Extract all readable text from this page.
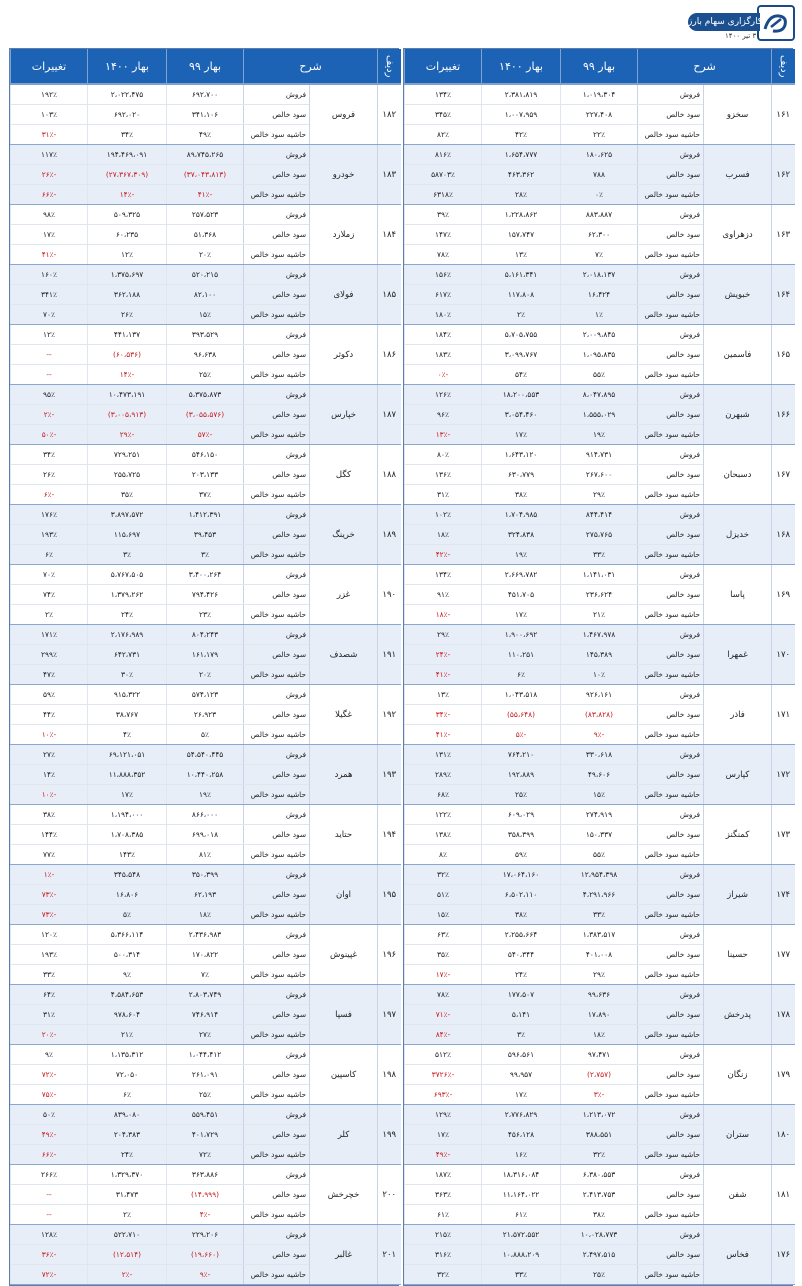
کارگزاری سهام بارز
۳۱ تیر ۱۴۰۰
ردیف	شرح		بهار ۹۹	بهار ۱۴۰۰	تغییرات
۱۸۲	فروس	فروش	۶۹۲،۷۰۰	۲،۰۲۲،۴۷۵	۱۹۲٪
		سود خالص	۳۴۱،۱۰۶	۶۹۲،۰۲۰	۱۰۳٪
		حاشیه سود خالص	۴۹٪	۳۴٪	-۳۱٪
۱۸۳	خودرو	فروش	۸۹،۷۴۵،۲۶۵	۱۹۴،۴۶۹،۰۹۱	۱۱۷٪
		سود خالص	(۳۷،۰۴۳،۸۱۳)	(۲۷،۳۶۷،۳۰۹)	-۲۶٪
		حاشیه سود خالص	-۴۱٪	-۱۴٪	-۶۶٪
۱۸۴	زملارد	فروش	۲۵۷،۵۲۳	۵۰۹،۳۲۵	۹۸٪
		سود خالص	۵۱،۳۶۸	۶۰،۲۳۵	۱۷٪
		حاشیه سود خالص	۲۰٪	۱۲٪	-۴۱٪
۱۸۵	فولای	فروش	۵۲۰،۲۱۵	۱،۳۷۵،۶۹۷	۱۶۰٪
		سود خالص	۸۲،۱۰۰	۳۶۲،۱۸۸	۳۴۱٪
		حاشیه سود خالص	۱۵٪	۲۶٪	۷۰٪
۱۸۶	دکوثر	فروش	۳۹۳،۵۲۹	۴۴۱،۱۳۷	۱۲٪
		سود خالص	۹۶،۶۳۸	(۶۰،۵۳۶)	--
		حاشیه سود خالص	۲۵٪	-۱۴٪	--
۱۸۷	خپارس	فروش	۵،۳۷۵،۸۷۳	۱۰،۴۷۳،۱۹۱	۹۵٪
		سود خالص	(۳،۰۵۵،۵۷۶)	(۳،۰۰۵،۹۱۳)	-۲٪
		حاشیه سود خالص	-۵۷٪	-۲۹٪	-۵۰٪
۱۸۸	کگل	فروش	۵۴۶،۱۵۰	۷۲۹،۲۵۱	۳۴٪
		سود خالص	۲۰۳،۱۳۳	۲۵۵،۷۲۵	۲۶٪
		حاشیه سود خالص	۳۷٪	۳۵٪	-۶٪
۱۸۹	خرینگ	فروش	۱،۴۱۲،۳۹۱	۳،۸۹۷،۵۷۲	۱۷۶٪
		سود خالص	۳۹،۴۵۳	۱۱۵،۶۹۷	۱۹۳٪
		حاشیه سود خالص	۳٪	۳٪	۶٪
۱۹۰	غزر	فروش	۳،۴۰۰،۲۶۴	۵،۷۶۷،۵۰۵	۷۰٪
		سود خالص	۷۹۴،۴۲۶	۱،۳۷۹،۲۶۲	۷۴٪
		حاشیه سود خالص	۲۳٪	۲۴٪	۲٪
۱۹۱	شصدف	فروش	۸۰۴،۲۴۳	۲،۱۷۶،۹۸۹	۱۷۱٪
		سود خالص	۱۶۱،۱۷۹	۶۴۲،۷۳۱	۲۹۹٪
		حاشیه سود خالص	۲۰٪	۳۰٪	۴۷٪
۱۹۲	غگیلا	فروش	۵۷۴،۱۲۳	۹۱۵،۳۲۲	۵۹٪
		سود خالص	۲۶،۹۲۳	۳۸،۷۶۷	۴۴٪
		حاشیه سود خالص	۵٪	۴٪	-۱۰٪
۱۹۳	همرد	فروش	۵۴،۵۴۰،۴۴۵	۶۹،۱۲۱،۰۵۱	۲۷٪
		سود خالص	۱۰،۴۴۰،۲۵۸	۱۱،۸۸۸،۳۵۲	۱۴٪
		حاشیه سود خالص	۱۹٪	۱۷٪	-۱۰٪
۱۹۴	حتاید	فروش	۸۶۶،۰۰۰	۱،۱۹۴،۰۰۰	۳۸٪
		سود خالص	۶۹۹،۰۱۸	۱،۷۰۸،۳۸۵	۱۴۴٪
		حاشیه سود خالص	۸۱٪	۱۴۳٪	۷۷٪
۱۹۵	اوان	فروش	۳۵۰،۳۹۹	۳۴۵،۵۴۸	-۱٪
		سود خالص	۶۲،۱۹۳	۱۶،۸۰۶	-۷۳٪
		حاشیه سود خالص	۱۸٪	۵٪	-۷۳٪
۱۹۶	غپینوش	فروش	۲،۴۳۶،۹۸۳	۵،۳۶۶،۱۱۴	۱۲۰٪
		سود خالص	۱۷۰،۸۲۲	۵۰۰،۳۱۴	۱۹۳٪
		حاشیه سود خالص	۷٪	۹٪	۳۳٪
۱۹۷	فسپا	فروش	۲،۸۰۳،۷۴۹	۴،۵۸۴،۶۵۳	۶۴٪
		سود خالص	۷۴۶،۹۱۴	۹۷۸،۶۰۴	۳۱٪
		حاشیه سود خالص	۲۷٪	۲۱٪	-۲۰٪
۱۹۸	کاسپین	فروش	۱،۰۴۴،۴۱۲	۱،۱۳۵،۳۱۲	۹٪
		سود خالص	۲۶۱،۰۹۱	۷۲،۰۵۰	-۷۲٪
		حاشیه سود خالص	۲۵٪	۶٪	-۷۵٪
۱۹۹	کلر	فروش	۵۵۹،۴۵۱	۸۳۹،۰۸۰	۵۰٪
		سود خالص	۴۰۱،۷۲۹	۲۰۴،۳۸۳	-۴۹٪
		حاشیه سود خالص	۷۲٪	۲۴٪	-۶۶٪
۲۰۰	خچرخش	فروش	۳۶۳،۸۸۶	۱،۳۲۹،۳۷۰	۲۶۶٪
		سود خالص	(۱۴،۹۹۹)	۳۱،۴۷۳	--
		حاشیه سود خالص	-۴٪	۲٪	--
۲۰۱	غالبر	فروش	۲۲۹،۲۰۶	۵۲۲،۷۱۰	۱۲۸٪
		سود خالص	(۱۹،۶۶۰)	(۱۲،۵۱۴)	-۳۶٪
		حاشیه سود خالص	-۹٪	-۲٪	-۷۲٪
ردیف	شرح		بهار ۹۹	بهار ۱۴۰۰	تغییرات
۱۶۱	سخزو	فروش	۱،۰۱۹،۳۰۴	۲،۳۸۱،۸۱۹	۱۳۴٪
		سود خالص	۲۲۷،۴۰۸	۱،۰۰۷،۹۵۹	۳۴۵٪
		حاشیه سود خالص	۲۲٪	۴۲٪	۸۲٪
۱۶۲	فسرب	فروش	۱۸۰،۶۲۵	۱،۶۵۴،۷۷۷	۸۱۶٪
		سود خالص	۷۸۸	۴۶۳،۳۶۲	۵۸۷۰۳٪
		حاشیه سود خالص	۰٪	۲۸٪	۶۳۱۸٪
۱۶۳	دزهراوی	فروش	۸۸۳،۸۸۷	۱،۲۲۸،۸۶۲	۳۹٪
		سود خالص	۶۲،۳۰۰	۱۵۷،۷۴۷	۱۴۷٪
		حاشیه سود خالص	۷٪	۱۳٪	۷۸٪
۱۶۴	خبویش	فروش	۲،۰۱۸،۱۳۷	۵،۱۶۱،۳۴۱	۱۵۶٪
		سود خالص	۱۶،۴۲۴	۱۱۷،۸۰۸	۶۱۷٪
		حاشیه سود خالص	۱٪	۲٪	۱۸۰٪
۱۶۵	فاسمین	فروش	۲،۰۰۹،۸۴۵	۵،۷۰۵،۷۵۵	۱۸۴٪
		سود خالص	۱،۰۹۵،۸۳۵	۳،۰۹۹،۷۶۷	۱۸۳٪
		حاشیه سود خالص	۵۵٪	۵۴٪	-۰٪
۱۶۶	شبهرن	فروش	۸،۰۴۷،۸۹۵	۱۸،۲۰۰،۵۵۳	۱۲۶٪
		سود خالص	۱،۵۵۵،۰۲۹	۳،۰۵۴،۴۶۰	۹۶٪
		حاشیه سود خالص	۱۹٪	۱۷٪	-۱۳٪
۱۶۷	دسبحان	فروش	۹۱۴،۷۳۱	۱،۶۴۳،۱۲۰	۸۰٪
		سود خالص	۲۶۷،۶۰۰	۶۳۰،۷۷۹	۱۳۶٪
		حاشیه سود خالص	۲۹٪	۳۸٪	۳۱٪
۱۶۸	خدیزل	فروش	۸۴۴،۴۱۴	۱،۷۰۴،۹۸۵	۱۰۲٪
		سود خالص	۲۷۵،۷۶۵	۳۲۴،۸۳۸	۱۸٪
		حاشیه سود خالص	۳۳٪	۱۹٪	-۴۲٪
۱۶۹	پاسا	فروش	۱،۱۴۱،۰۳۱	۲،۶۶۹،۷۸۲	۱۳۴٪
		سود خالص	۲۳۶،۶۲۴	۴۵۱،۷۰۵	۹۱٪
		حاشیه سود خالص	۲۱٪	۱۷٪	-۱۸٪
۱۷۰	غمهرا	فروش	۱،۴۶۷،۹۷۸	۱،۹۰۰،۶۹۲	۲۹٪
		سود خالص	۱۴۵،۳۸۹	۱۱۰،۲۵۱	-۲۴٪
		حاشیه سود خالص	۱۰٪	۶٪	-۴۱٪
۱۷۱	فاذر	فروش	۹۲۶،۱۶۱	۱،۰۴۳،۵۱۸	۱۳٪
		سود خالص	(۸۳،۸۲۸)	(۵۵،۶۴۸)	-۳۴٪
		حاشیه سود خالص	-۹٪	-۵٪	-۴۱٪
۱۷۲	کپارس	فروش	۳۳۰،۶۱۸	۷۶۴،۲۱۰	۱۳۱٪
		سود خالص	۴۹،۶۰۶	۱۹۲،۸۸۹	۲۸۹٪
		حاشیه سود خالص	۱۵٪	۲۵٪	۶۸٪
۱۷۳	کمنگنز	فروش	۲۷۴،۹۱۹	۶۰۹،۰۲۹	۱۲۲٪
		سود خالص	۱۵۰،۳۳۷	۳۵۸،۳۹۹	۱۳۸٪
		حاشیه سود خالص	۵۵٪	۵۹٪	۸٪
۱۷۴	شیراز	فروش	۱۲،۹۵۴،۳۹۸	۱۷،۰۶۴،۱۶۰	۳۲٪
		سود خالص	۴،۲۹۱،۹۶۶	۶،۵۰۲،۱۱۰	۵۱٪
		حاشیه سود خالص	۳۳٪	۳۸٪	۱۵٪
۱۷۷	حسینا	فروش	۱،۳۸۳،۵۱۷	۲،۲۵۵،۶۶۴	۶۳٪
		سود خالص	۴۰۱،۰۰۸	۵۴۰،۳۴۴	۳۵٪
		حاشیه سود خالص	۲۹٪	۲۴٪	-۱۷٪
۱۷۸	پدرخش	فروش	۹۹،۶۳۶	۱۷۷،۵۰۷	۷۸٪
		سود خالص	۱۷،۸۹۰	۵،۱۴۱	-۷۱٪
		حاشیه سود خالص	۱۸٪	۳٪	-۸۴٪
۱۷۹	زنگان	فروش	۹۷،۴۷۱	۵۹۶،۵۶۱	۵۱۲٪
		سود خالص	(۲،۷۵۷)	۹۹،۹۵۷	-۳۷۲۶٪
		حاشیه سود خالص	-۳٪	۱۷٪	-۶۹۳٪
۱۸۰	ستران	فروش	۱،۲۱۳،۰۷۲	۲،۷۷۶،۸۲۹	۱۲۹٪
		سود خالص	۳۸۸،۵۵۱	۴۵۶،۱۲۸	۱۷٪
		حاشیه سود خالص	۳۲٪	۱۶٪	-۴۹٪
۱۸۱	شفن	فروش	۶،۳۸۰،۵۵۳	۱۸،۳۱۶،۰۸۴	۱۸۷٪
		سود خالص	۲،۴۱۳،۷۵۳	۱۱،۱۶۴،۰۲۲	۳۶۳٪
		حاشیه سود خالص	۳۸٪	۶۱٪	۶۱٪
۱۷۶	فخاس	فروش	۱۰،۰۲۸،۷۷۳	۲۱،۵۷۲،۵۵۲	۲۱۵٪
		سود خالص	۲،۴۹۷،۵۱۵	۱۰،۸۸۸،۲۰۹	۳۱۶٪
		حاشیه سود خالص	۲۵٪	۳۳٪	۳۲٪
